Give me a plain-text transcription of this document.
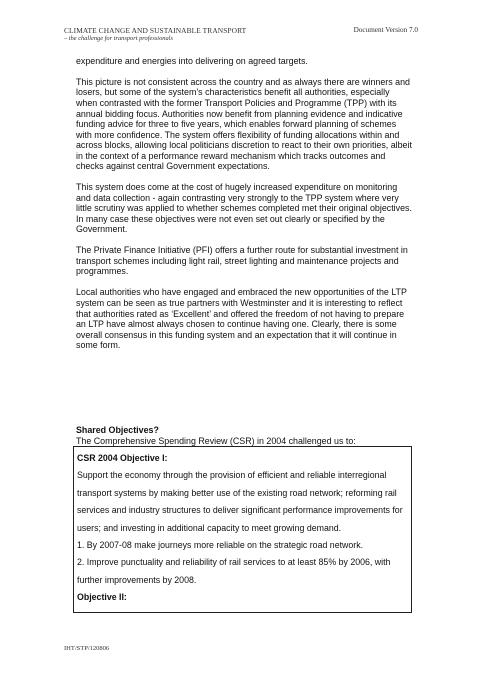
CLIMATE CHANGE AND SUSTAINABLE TRANSPORT
– the challenge for transport professionals
Document Version 7.0

expenditure and energies into delivering on agreed targets.

This picture is not consistent across the country and as always there are winners and losers, but some of the system’s characteristics benefit all authorities, especially when contrasted with the former Transport Policies and Programme (TPP) with its annual bidding focus. Authorities now benefit from planning evidence and indicative funding advice for three to five years, which enables forward planning of schemes with more confidence. The system offers flexibility of funding allocations within and across blocks, allowing local politicians discretion to react to their own priorities, albeit in the context of a performance reward mechanism which tracks outcomes and checks against central Government expectations.

This system does come at the cost of hugely increased expenditure on monitoring and data collection - again contrasting very strongly to the TPP system where very little scrutiny was applied to whether schemes completed met their original objectives. In many case these objectives were not even set out clearly or specified by the Government.

The Private Finance Initiative (PFI) offers a further route for substantial investment in transport schemes including light rail, street lighting and maintenance projects and programmes.

Local authorities who have engaged and embraced the new opportunities of the LTP system can be seen as true partners with Westminster and it is interesting to reflect that authorities rated as ‘Excellent’ and offered the freedom of not having to prepare an LTP have almost always chosen to continue having one. Clearly, there is some overall consensus in this funding system and an expectation that it will continue in some form.

Shared Objectives?
The Comprehensive Spending Review (CSR) in 2004 challenged us to:
CSR 2004 Objective I:
Support the economy through the provision of efficient and reliable interregional transport systems by making better use of the existing road network; reforming rail services and industry structures to deliver significant performance improvements for users; and investing in additional capacity to meet growing demand.
1. By 2007-08 make journeys more reliable on the strategic road network.
2. Improve punctuality and reliability of rail services to at least 85% by 2006, with further improvements by 2008.
Objective II:
IHT/STP/120806
